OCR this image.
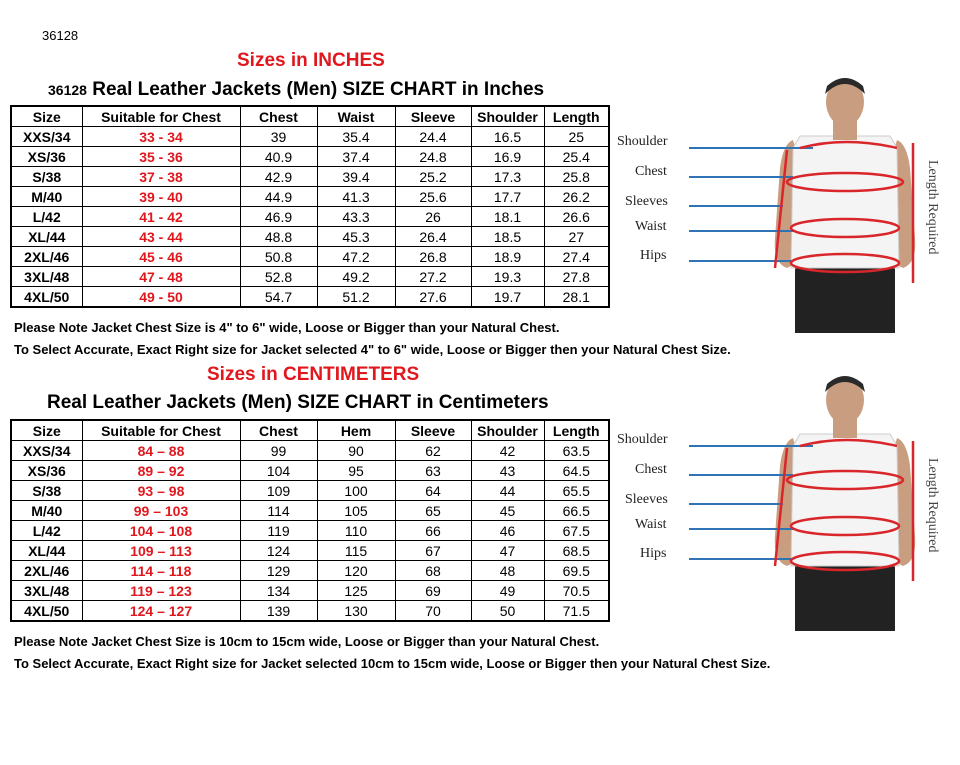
36128
Sizes in INCHES
36128 Real Leather Jackets (Men) SIZE CHART in Inches
Size	Suitable for Chest	Chest	Waist	Sleeve	Shoulder	Length
XXS/34	33 - 34	39	35.4	24.4	16.5	25
XS/36	35 - 36	40.9	37.4	24.8	16.9	25.4
S/38	37 - 38	42.9	39.4	25.2	17.3	25.8
M/40	39 - 40	44.9	41.3	25.6	17.7	26.2
L/42	41 - 42	46.9	43.3	26	18.1	26.6
XL/44	43 - 44	48.8	45.3	26.4	18.5	27
2XL/46	45 - 46	50.8	47.2	26.8	18.9	27.4
3XL/48	47 - 48	52.8	49.2	27.2	19.3	27.8
4XL/50	49 - 50	54.7	51.2	27.6	19.7	28.1
Please Note Jacket Chest Size is 4" to 6" wide, Loose or Bigger than your Natural Chest.
To Select Accurate, Exact Right size for Jacket selected 4" to 6" wide, Loose or Bigger then your Natural Chest Size.
Sizes in CENTIMETERS
Real Leather Jackets (Men) SIZE CHART in Centimeters
Size	Suitable for Chest	Chest	Hem	Sleeve	Shoulder	Length
XXS/34	84 – 88	99	90	62	42	63.5
XS/36	89 – 92	104	95	63	43	64.5
S/38	93 – 98	109	100	64	44	65.5
M/40	99 – 103	114	105	65	45	66.5
L/42	104 – 108	119	110	66	46	67.5
XL/44	109 – 113	124	115	67	47	68.5
2XL/46	114 – 118	129	120	68	48	69.5
3XL/48	119 – 123	134	125	69	49	70.5
4XL/50	124 – 127	139	130	70	50	71.5
Please Note Jacket Chest Size is 10cm to 15cm wide, Loose or Bigger than your Natural Chest.
To Select Accurate, Exact Right size for Jacket selected 10cm to 15cm wide, Loose or Bigger then your Natural Chest Size.
Shoulder
Chest
Sleeves
Waist
Hips
Length Required
Shoulder
Chest
Sleeves
Waist
Hips
Length Required
